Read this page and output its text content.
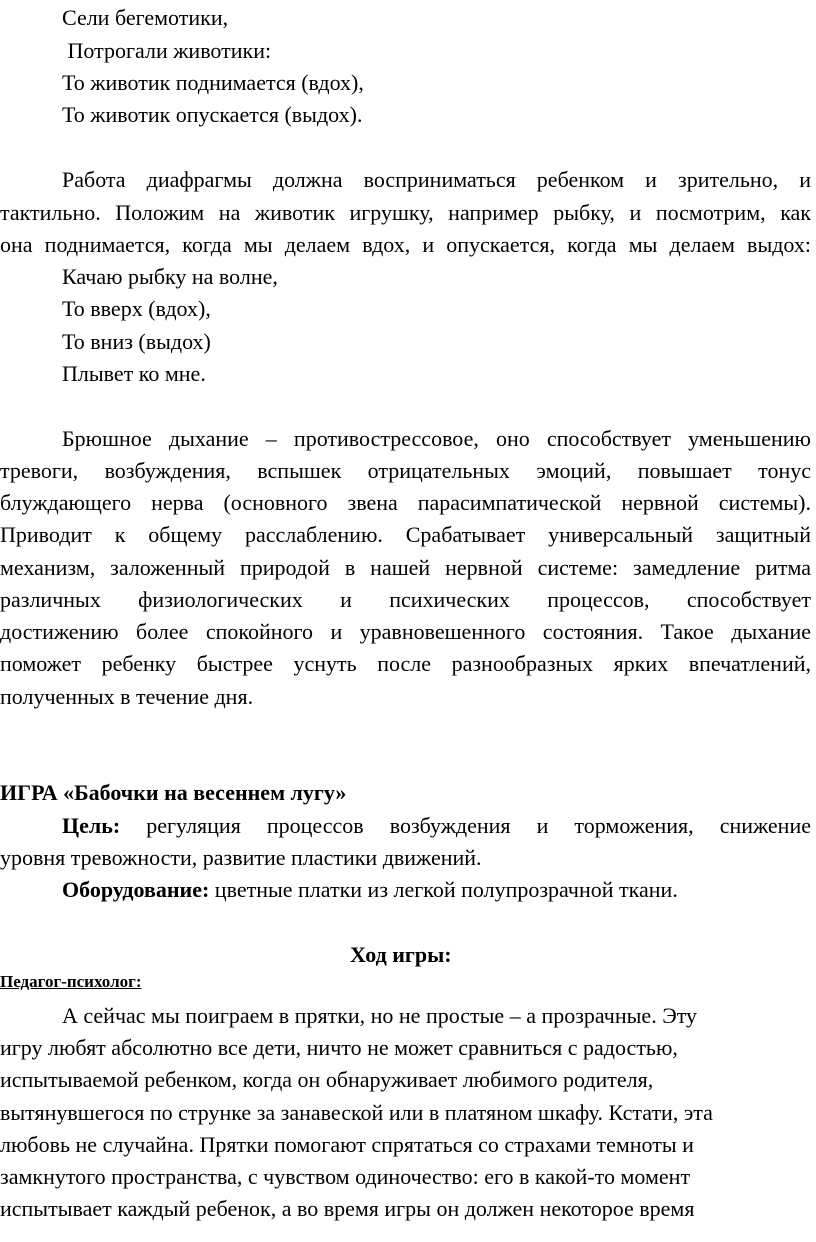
Сели бегемотики,
Потрогали животики:
То животик поднимается (вдох),
То животик опускается (выдох).
Работа диафрагмы должна восприниматься ребенком и зрительно, и
тактильно. Положим на животик игрушку, например рыбку, и посмотрим, как
она поднимается, когда мы делаем вдох, и опускается, когда мы делаем выдох:
Качаю рыбку на волне,
То вверх (вдох),
То вниз (выдох)
Плывет ко мне.
Брюшное дыхание – противострессовое, оно способствует уменьшению
тревоги, возбуждения, вспышек отрицательных эмоций, повышает тонус
блуждающего нерва (основного звена парасимпатической нервной системы).
Приводит к общему расслаблению. Срабатывает универсальный защитный
механизм, заложенный природой в нашей нервной системе: замедление ритма
различных физиологических и психических процессов, способствует
достижению более спокойного и уравновешенного состояния. Такое дыхание
поможет ребенку быстрее уснуть после разнообразных ярких впечатлений,
полученных в течение дня.
ИГРА «Бабочки на весеннем лугу»
Цель: регуляция процессов возбуждения и торможения, снижение
уровня тревожности, развитие пластики движений.
Оборудование: цветные платки из легкой полупрозрачной ткани.
Ход игры:
Педагог-психолог:
А сейчас мы поиграем в прятки, но не простые – а прозрачные. Эту
игру любят абсолютно все дети, ничто не может сравниться с радостью,
испытываемой ребенком, когда он обнаруживает любимого родителя,
вытянувшегося по струнке за занавеской или в платяном шкафу. Кстати, эта
любовь не случайна. Прятки помогают спрятаться со страхами темноты и
замкнутого пространства, с чувством одиночество: его в какой-то момент
испытывает каждый ребенок, а во время игры он должен некоторое время
